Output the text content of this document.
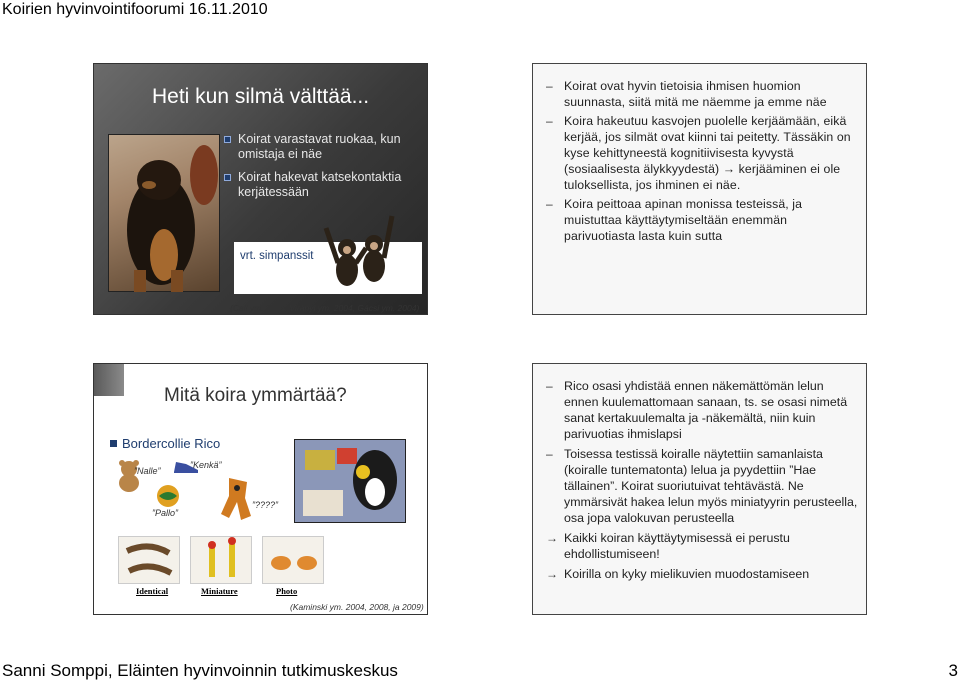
Koirien hyvinvointifoorumi 16.11.2010
Heti kun silmä välttää...
Koirat varastavat ruokaa, kun omistaja ei näe
Koirat hakevat katsekontaktia kerjätessään
vrt. simpanssit
(Call ym. 2003, Virányi ym. 2004, Gácsi ym. 2004)
– Koirat ovat hyvin tietoisia ihmisen huomion suunnasta, siitä mitä me näemme ja emme näe
– Koira hakeutuu kasvojen puolelle kerjäämään, eikä kerjää, jos silmät ovat kiinni tai peitetty. Tässäkin on kyse kehittyneestä kognitiivisesta kyvystä (sosiaalisesta älykkyydestä) → kerjääminen ei ole tuloksellista, jos ihminen ei näe.
– Koira peittoaa apinan monissa testeissä, ja muistuttaa käyttäytymiseltään enemmän parivuotiasta lasta kuin sutta
Mitä koira ymmärtää?
Bordercollie Rico
”Nalle”
”Kenkä”
”Pallo”
”????”
Identical	Miniature	Photo
(Kaminski ym. 2004, 2008, ja 2009)
– Rico osasi yhdistää ennen näkemättömän lelun ennen kuulemattomaan sanaan, ts. se osasi nimetä sanat kertakuulemalta ja -näkemältä, niin kuin parivuotias ihmislapsi
– Toisessa testissä koiralle näytettiin samanlaista (koiralle tuntematonta) lelua ja pyydettiin ”Hae tällainen”. Koirat suoriutuivat tehtävästä. Ne ymmärsivät hakea lelun myös miniatyyrin perusteella, osa jopa valokuvan perusteella
→ Kaikki koiran käyttäytymisessä ei perustu ehdollistumiseen!
→ Koirilla on kyky mielikuvien muodostamiseen
Sanni Somppi, Eläinten hyvinvoinnin tutkimuskeskus	3
